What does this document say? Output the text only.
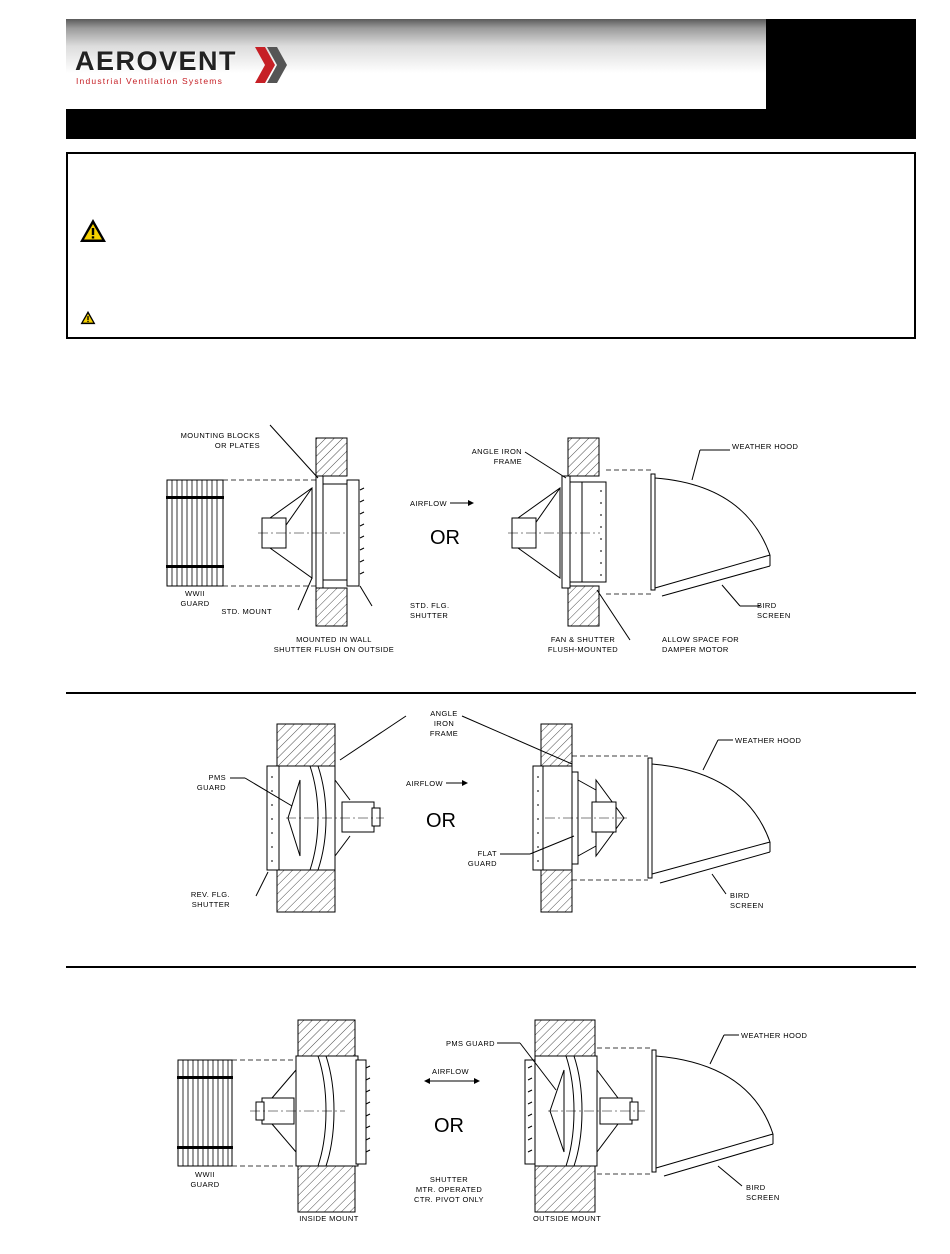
AEROVENT
Industrial Ventilation Systems
MOUNTING BLOCKS
OR PLATES
WWII
GUARD
STD. MOUNT
STD. FLG.
SHUTTER
MOUNTED IN WALL
SHUTTER FLUSH ON OUTSIDE
AIRFLOW
OR
ANGLE IRON
FRAME
WEATHER HOOD
BIRD
SCREEN
FAN & SHUTTER
FLUSH-MOUNTED
ALLOW SPACE FOR
DAMPER MOTOR
PMS
GUARD
REV. FLG.
SHUTTER
ANGLE
IRON
FRAME
AIRFLOW
OR
FLAT
GUARD
WEATHER HOOD
BIRD
SCREEN
WWII
GUARD
INSIDE MOUNT
AIRFLOW
OR
SHUTTER
MTR. OPERATED
CTR. PIVOT ONLY
PMS GUARD
WEATHER HOOD
BIRD
SCREEN
OUTSIDE MOUNT
